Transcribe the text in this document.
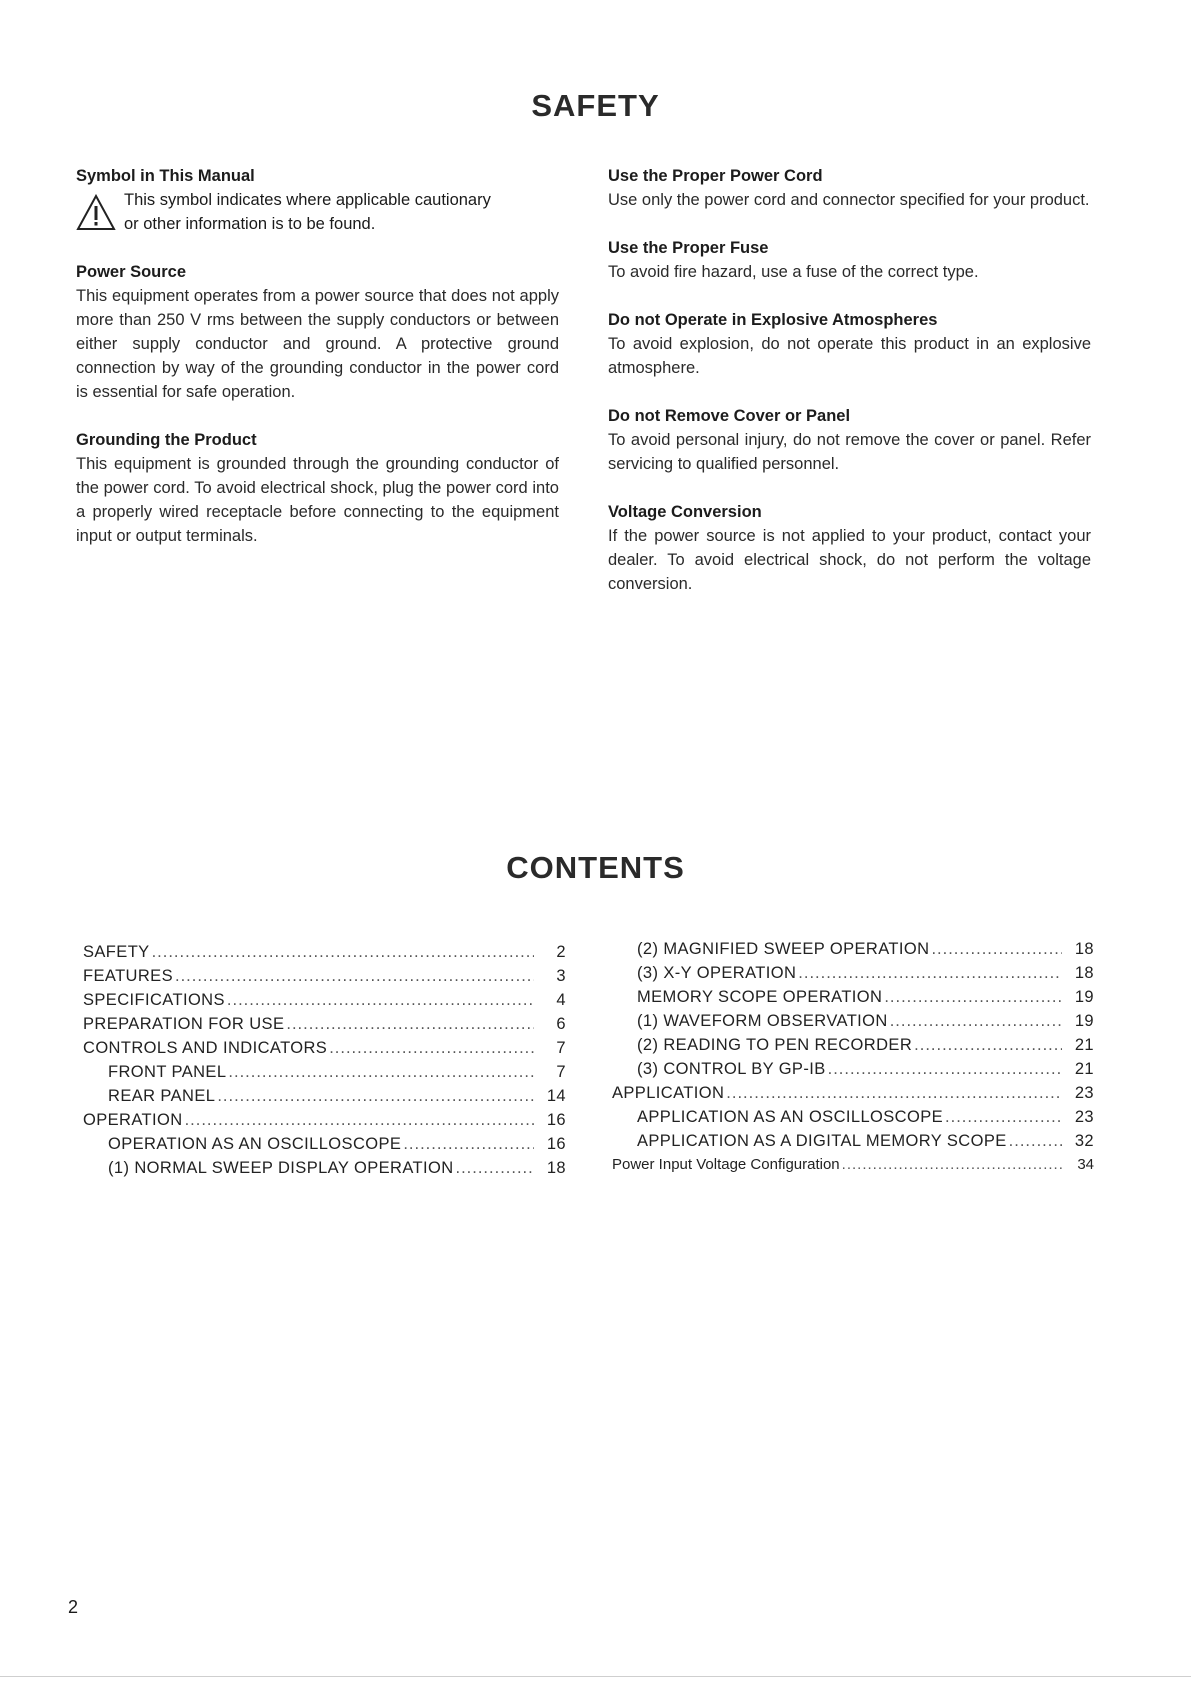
SAFETY
Symbol in This Manual
This symbol indicates where applicable cautionary
or other information is to be found.
Power Source

This equipment operates from a power source that does not apply more than 250 V rms between the supply conductors or between either supply conductor and ground. A protective ground connection by way of the grounding conductor in the power cord is essential for safe operation.

Grounding the Product

This equipment is grounded through the grounding conductor of the power cord. To avoid electrical shock, plug the power cord into a properly wired receptacle before connecting to the equipment input or output terminals.

Use the Proper Power Cord

Use only the power cord and connector specified for your product.

Use the Proper Fuse

To avoid fire hazard, use a fuse of the correct type.

Do not Operate in Explosive Atmospheres

To avoid explosion, do not operate this product in an explosive atmosphere.

Do not Remove Cover or Panel

To avoid personal injury, do not remove the cover or panel. Refer servicing to qualified personnel.

Voltage Conversion

If the power source is not applied to your product, contact your dealer. To avoid electrical shock, do not perform the voltage conversion.

CONTENTS
SAFETY .....	2
FEATURES .....	3
SPECIFICATIONS .....	4
PREPARATION FOR USE .....	6
CONTROLS AND INDICATORS .....	7
FRONT PANEL .....	7
REAR PANEL .....	14
OPERATION .....	16
OPERATION AS AN OSCILLOSCOPE .....	16
(1) NORMAL SWEEP DISPLAY OPERATION .....	18
(2) MAGNIFIED SWEEP OPERATION .....	18
(3) X-Y OPERATION .....	18
MEMORY SCOPE OPERATION .....	19
(1) WAVEFORM OBSERVATION .....	19
(2) READING TO PEN RECORDER .....	21
(3) CONTROL BY GP-IB .....	21
APPLICATION .....	23
APPLICATION AS AN OSCILLOSCOPE .....	23
APPLICATION AS A DIGITAL MEMORY SCOPE .....	32
Power Input Voltage Configuration .....	34
2
